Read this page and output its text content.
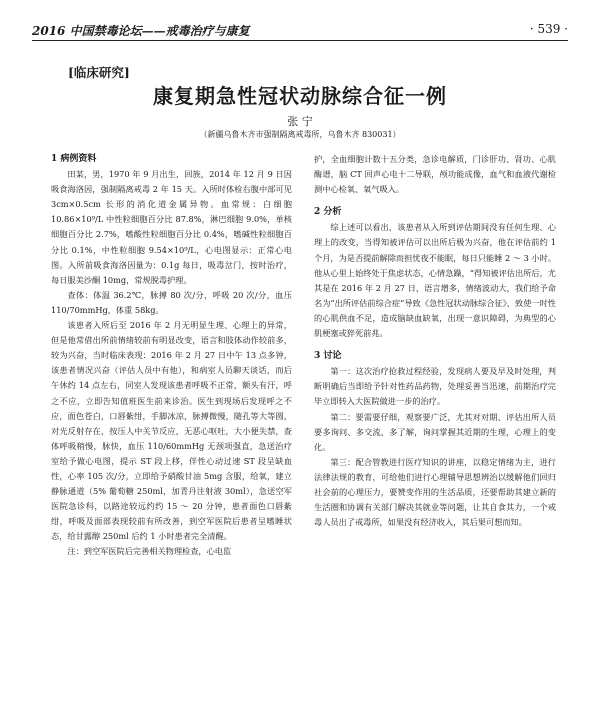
2016 中国禁毒论坛——戒毒治疗与康复	· 539 ·
[临床研究]
康复期急性冠状动脉综合征一例
张 宁
（新疆乌鲁木齐市强制隔离戒毒所，乌鲁木齐 830031）
1 病例资料

田某，男，1970 年 9 月出生，回族，2014 年 12 月 9 日因吸食海洛因，强制隔离戒毒 2 年 15 天。入所时体检右腹中部可见 3cm×0.5cm 长形的消化道金属异物。血常规：白细胞 10.86×10⁹/L 中性粒细胞百分比 87.8%，淋巴细胞 9.0%，单核细胞百分比 2.7%，嗜酸性粒细胞百分比 0.4%，嗜碱性粒细胞百分比 0.1%，中性粒细胞 9.54×10⁹/L，心电图显示：正常心电图。入所前吸食海洛因量为：0.1g 每日，吸毒岔门，按时治疗，每日服美沙酮 10mg，常规脱毒护理。

查体：体温 36.2℃，脉搏 80 次/分，呼吸 20 次/分，血压 110/70mmHg，体重 58kg。

该患者入所后至 2016 年 2 月无明显生理、心理上的异常，但是他常借出所前情绪较前有明显改变，语言和肢体动作较前多，较为兴奋，当时临床表现：2016 年 2 月 27 日中午 13 点多钟，该患者情况兴奋（评估人员中有他），和病室人员聊天谈话，而后午休约 14 点左右，同室人发现该患者呼吸不正常，额头有汗，呼之不应，立即告知值班医生前来诊治。医生到现场后发现呼之不应，面色苍白，口唇紫绀，手脚冰凉，脉搏微慢，随孔等大等圆，对光反射存在，按压人中关节反应，无恶心呕吐，大小便失禁，查体呼吸稍慢，脉快，血压 110/60mmHg 无颈项强直，急送治疗室给予做心电图，提示 ST 段上移，伴性心动过速 ST 段呈缺血性，心率 105 次/分，立即给予硝酸甘油 5mg 含服，给氧，建立静脉通道（5% 葡萄糖 250ml，加青丹注射液 30ml），急送空军医院急诊科，以路途较远约约 15 ～ 20 分钟，患者面色口唇紫绀，呼吸及面部表现较前有所改善，到空军医院后患者呈嗜睡状态，给甘露醇 250ml 后约 1 小时患者完全清醒。

注：到空军医院后完善相关物理检查，心电监

护，全血细胞计数十五分类，急诊电解质，门诊肝功、肾功、心肌酶谱，脑 CT 回声心电十二导联，颅功能成像，血气和血液代谢检测中心检氧、氧气吸入。

2 分析

综上述可以看出，该患者从入所到评估期间没有任何生理、心理上的改变，当得知被评估可以出所后极为兴奋，他在评估前约 1 个月，为是否提前解除而担忧夜不能眠，每日只能睡 2 ～ 3 小时。他从心里上始终处于焦虑状态，心情急躁，“得知被评估出所后，尤其是在 2016 年 2 月 27 日，语言增多，情绪波动大，我们给予命名为“出所评估前综合症”导致《急性冠状动脉综合征》，致使一时性的心肌供血不足，造成脑缺血缺氧，出现一意识障碍，为典型的心肌梗塞或猝死前兆。

3 讨论

第一：这次治疗抢救过程经验，发现病人要及早及时处理，判断明确后当即给予针对性药品药物，处理妥善当迅速，前期治疗完毕立即转入大医院做进一步的治疗。

第二：要需要仔细，观察要广泛，尤其对对期、评估出所人员要多询问、多交流、多了解，询问掌握其近期的生理，心理上的变化。

第三：配合管教进行医疗知识的讲座，以稳定情绪为主，进行法律法规的教育，可给他们进行心理辅导思想辨治以缓解他们回归社会前的心理压力，要赞变作用的生活品质，还要帮助其建立新的生活圈和协调有关部门解决其就业等问题，让其自食其力，一个戒毒人员出了戒毒所，如果没有经济收入，其后果可想而知。
